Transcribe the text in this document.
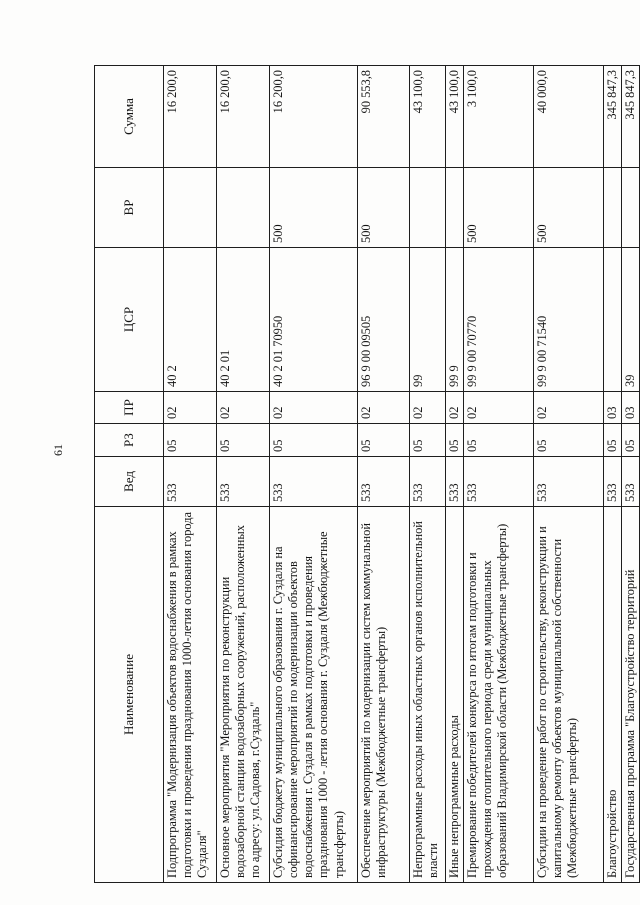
61
Наименование	Вед	РЗ	ПР	ЦСР	ВР	Сумма
Подпрограмма "Модернизация объектов водоснабжения в рамках подготовки и проведения празднования 1000-летия основания города Суздаля"	533	05	02	40 2		16 200,0
Основное мероприятия "Мероприятия по реконструкции водозаборной станции водозаборных сооружений, расположенных по адресу: ул.Садовая, г.Суздаль"	533	05	02	40 2 01		16 200,0
Субсидия бюджету муниципального образования г. Суздаля на софинансирование мероприятий по модернизации объектов водоснабжения г. Суздаля в рамках подготовки и проведения празднования 1000 - летия основания г. Суздаля (Межбюджетные трансферты)	533	05	02	40 2 01 70950	500	16 200,0
Обеспечение мероприятий по модернизации систем коммунальной инфраструктуры (Межбюджетные трансферты)	533	05	02	96 9 00 09505	500	90 553,8
Непрограммные расходы иных областных органов исполнительной власти	533	05	02	99		43 100,0
Иные непрограммные расходы	533	05	02	99 9		43 100,0
Премирование победителей конкурса по итогам подготовки и прохождения отопительного периода среди муниципальных образований Владимирской области (Межбюджетные трансферты)	533	05	02	99 9 00 70770	500	3 100,0
Субсидии на проведение работ по строительству, реконструкции и капитальному ремонту объектов муниципальной собственности (Межбюджетные трансферты)	533	05	02	99 9 00 71540	500	40 000,0
Благоустройство	533	05	03			345 847,3
Государственная программа "Благоустройство территорий	533	05	03	39		345 847,3
